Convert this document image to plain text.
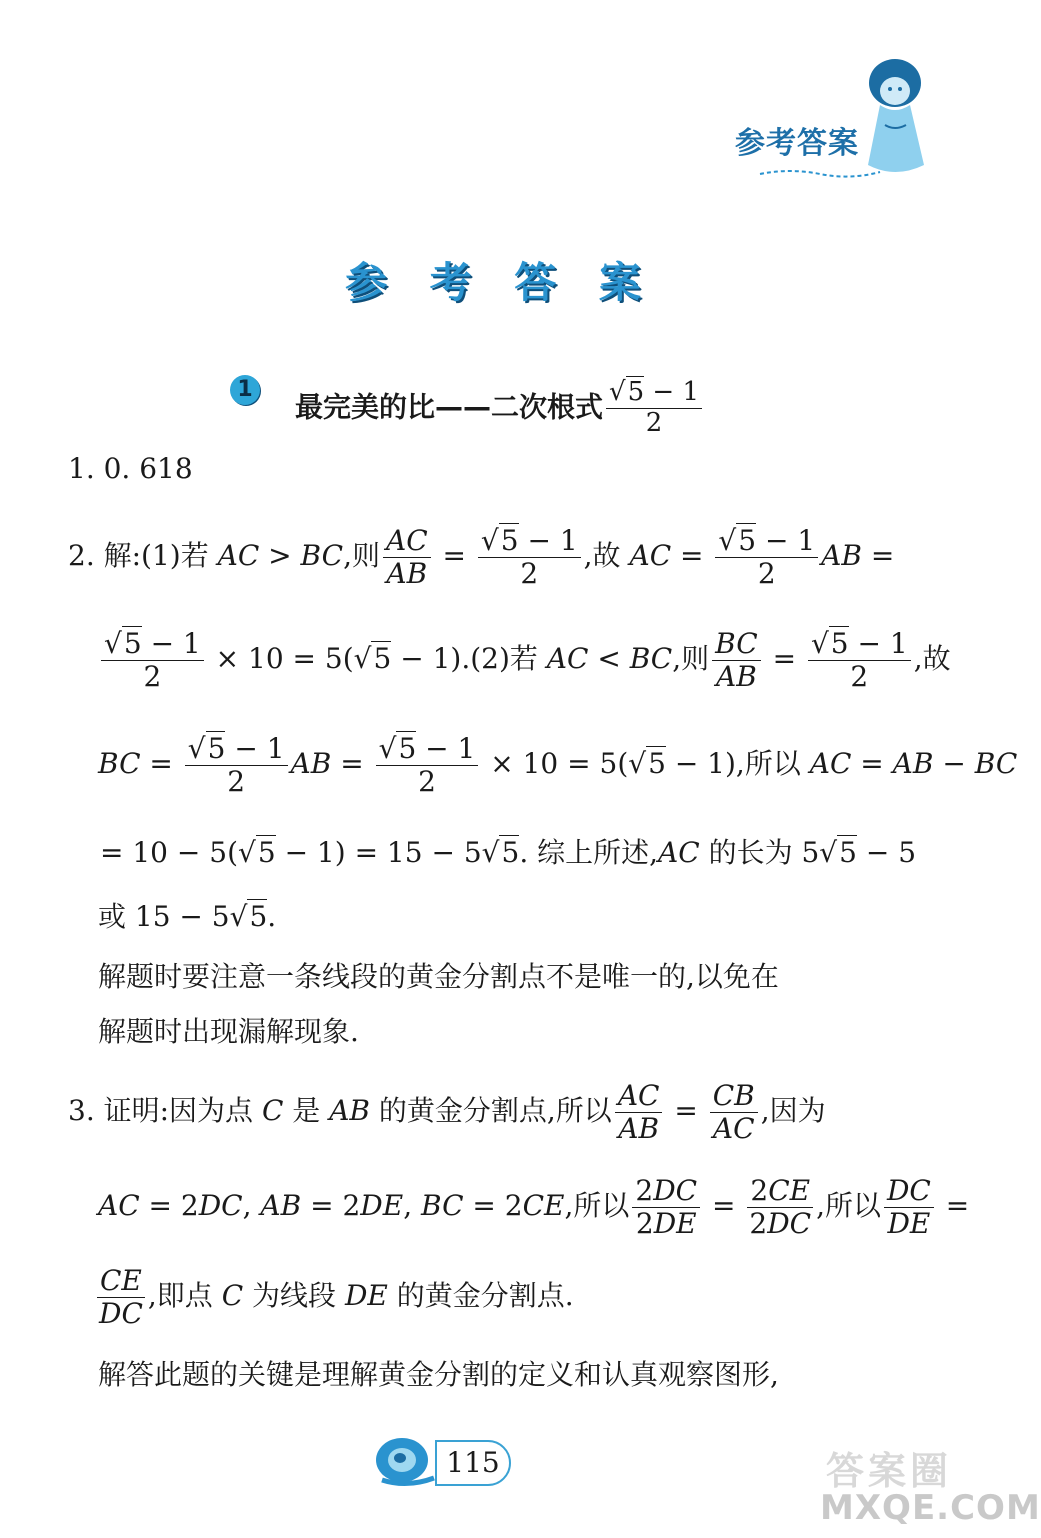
参考答案
参 考 答 案
1
最完美的比——二次根式 $\frac{√5 - 1}{2}$
1. 0. 618
2. 解:(1)若 AC > BC,则 $\frac{AC}{AB} = \frac{√5 - 1}{2}$ ,故 AC = $\frac{√5 - 1}{2}$ AB =
$\frac{√5 - 1}{2} \times 10 = 5(√5 - 1).(2)$若 AC < BC,则 $\frac{BC}{AB} = \frac{√5 - 1}{2}$ ,故
BC = $\frac{√5 - 1}{2}$ AB = $\frac{√5 - 1}{2} \times 10 = 5(√5 - 1)$,所以 AC = AB − BC
= 10 − 5(√5 − 1) = 15 − 5√5. 综上所述,AC 的长为 5√5 − 5
或 15 − 5√5.
解题时要注意一条线段的黄金分割点不是唯一的,以免在
解题时出现漏解现象.
3. 证明:因为点 C 是 AB 的黄金分割点,所以 $\frac{AC}{AB} = \frac{CB}{AC}$ ,因为
AC = 2DC, AB = 2DE, BC = 2CE,所以 $\frac{2DC}{2DE} = \frac{2CE}{2DC}$ ,所以 $\frac{DC}{DE}$ =
$\frac{CE}{DC}$ ,即点 C 为线段 DE 的黄金分割点.
解答此题的关键是理解黄金分割的定义和认真观察图形,
115	答案圈
MXQE.COM
